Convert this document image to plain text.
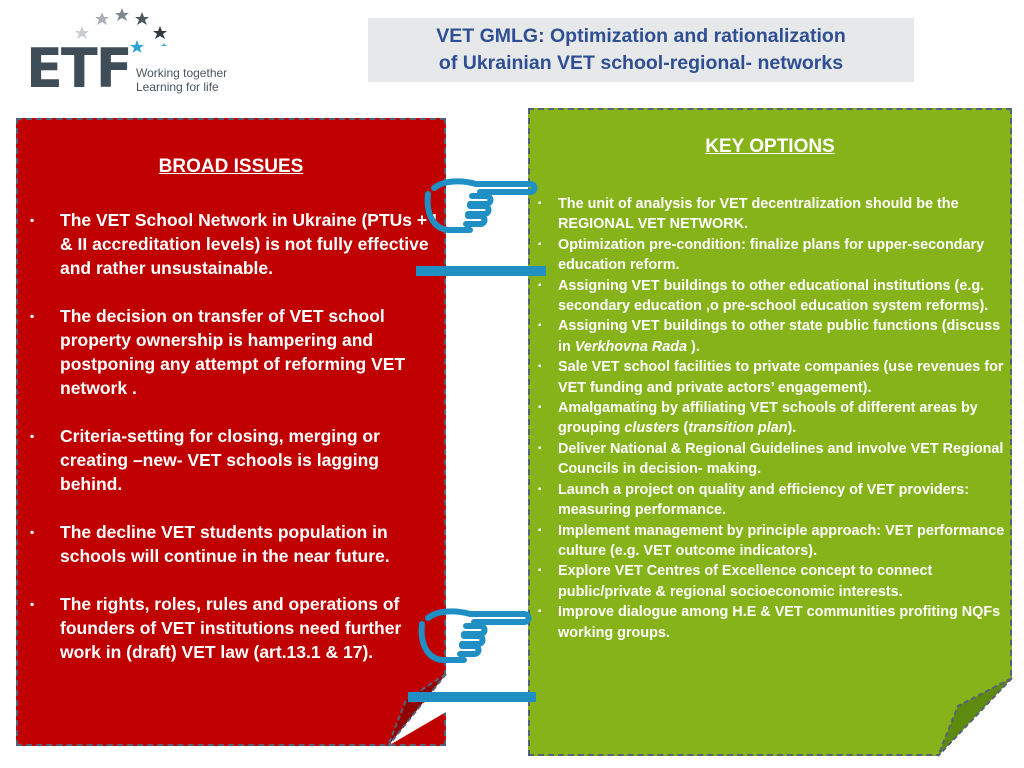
ETF Working together
Learning for life
VET GMLG: Optimization and rationalization
of Ukrainian VET school-regional- networks
BROAD ISSUES
▪ The VET School Network in Ukraine (PTUs + I & II accreditation levels) is not fully effective and rather unsustainable.
▪ The decision on transfer of VET school property ownership is hampering and postponing any attempt of reforming VET network .
▪ Criteria-setting for closing, merging or creating –new- VET schools is lagging behind.
▪ The decline VET students population in schools will continue in the near future.
▪ The rights, roles, rules and operations of founders of VET institutions need further work in (draft) VET law (art.13.1 & 17).
KEY OPTIONS
▪ The unit of analysis for VET decentralization should be the REGIONAL VET NETWORK.
▪ Optimization pre-condition: finalize plans for upper-secondary education reform.
▪ Assigning VET buildings to other educational institutions (e.g. secondary education ,o pre-school education system reforms).
▪ Assigning VET buildings to other state public functions (discuss in Verkhovna Rada ).
▪ Sale VET school facilities to private companies (use revenues for VET funding and private actors’ engagement).
▪ Amalgamating by affiliating VET schools of different areas by grouping clusters (transition plan).
▪ Deliver National & Regional Guidelines and involve VET Regional Councils in decision- making.
▪ Launch a project on quality and efficiency of VET providers: measuring performance.
▪ Implement management by principle approach: VET performance culture (e.g. VET outcome indicators).
▪ Explore VET Centres of Excellence concept to connect public/private & regional socioeconomic interests.
▪ Improve dialogue among H.E & VET communities profiting NQFs working groups.
